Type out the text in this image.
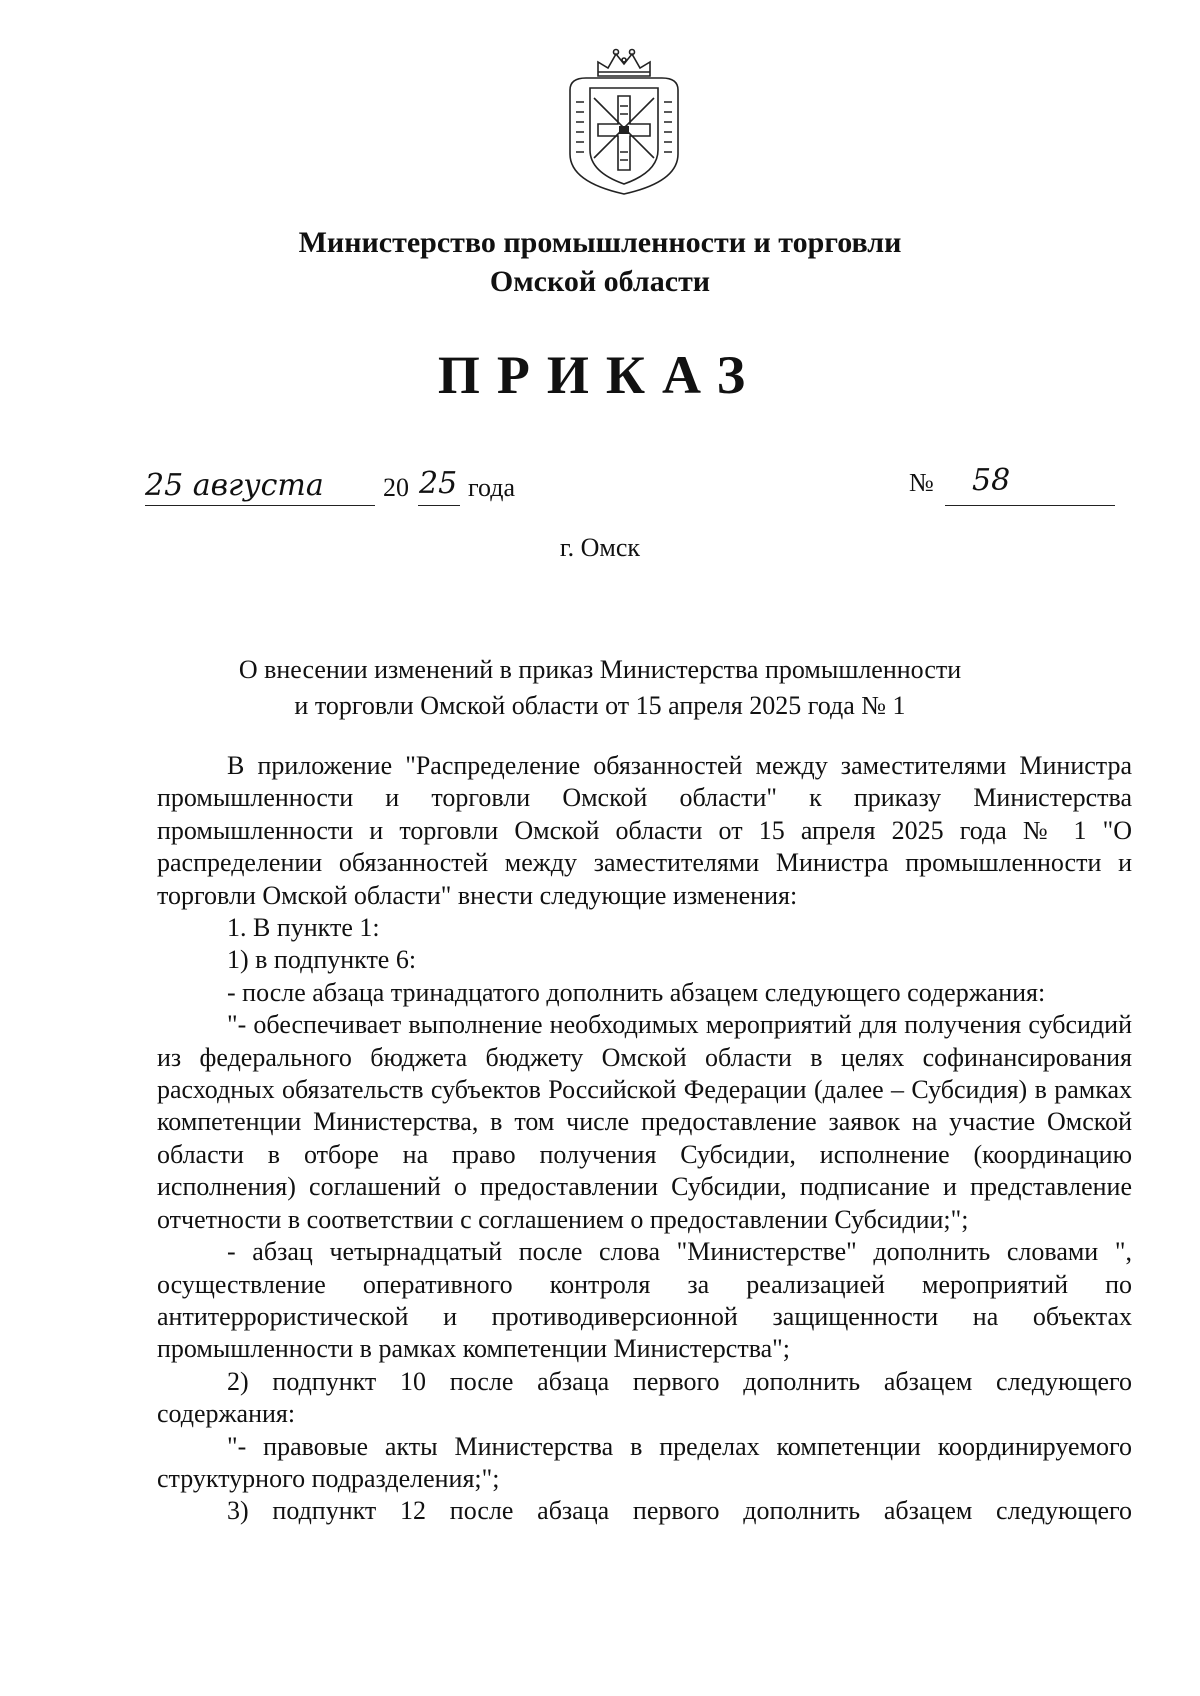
Министерство промышленности и торговли
Омской области
ПРИКАЗ
25 августа	20 25 года	№ 58
г. Омск
О внесении изменений в приказ Министерства промышленности
и торговли Омской области от 15 апреля 2025 года № 1

В приложение "Распределение обязанностей между заместителями Министра промышленности и торговли Омской области" к приказу Министерства промышленности и торговли Омской области от 15 апреля 2025 года № 1 "О распределении обязанностей между заместителями Министра промышленности и торговли Омской области" внести следующие изменения:

1. В пункте 1:

1) в подпункте 6:

- после абзаца тринадцатого дополнить абзацем следующего содержания:

"- обеспечивает выполнение необходимых мероприятий для получения субсидий из федерального бюджета бюджету Омской области в целях софинансирования расходных обязательств субъектов Российской Федерации (далее – Субсидия) в рамках компетенции Министерства, в том числе предоставление заявок на участие Омской области в отборе на право получения Субсидии, исполнение (координацию исполнения) соглашений о предоставлении Субсидии, подписание и представление отчетности в соответствии с соглашением о предоставлении Субсидии;";

- абзац четырнадцатый после слова "Министерстве" дополнить словами ", осуществление оперативного контроля за реализацией мероприятий по антитеррористической и противодиверсионной защищенности на объектах промышленности в рамках компетенции Министерства";

2) подпункт 10 после абзаца первого дополнить абзацем следующего содержания:

"- правовые акты Министерства в пределах компетенции координируемого структурного подразделения;";

3) подпункт 12 после абзаца первого дополнить абзацем следующего
